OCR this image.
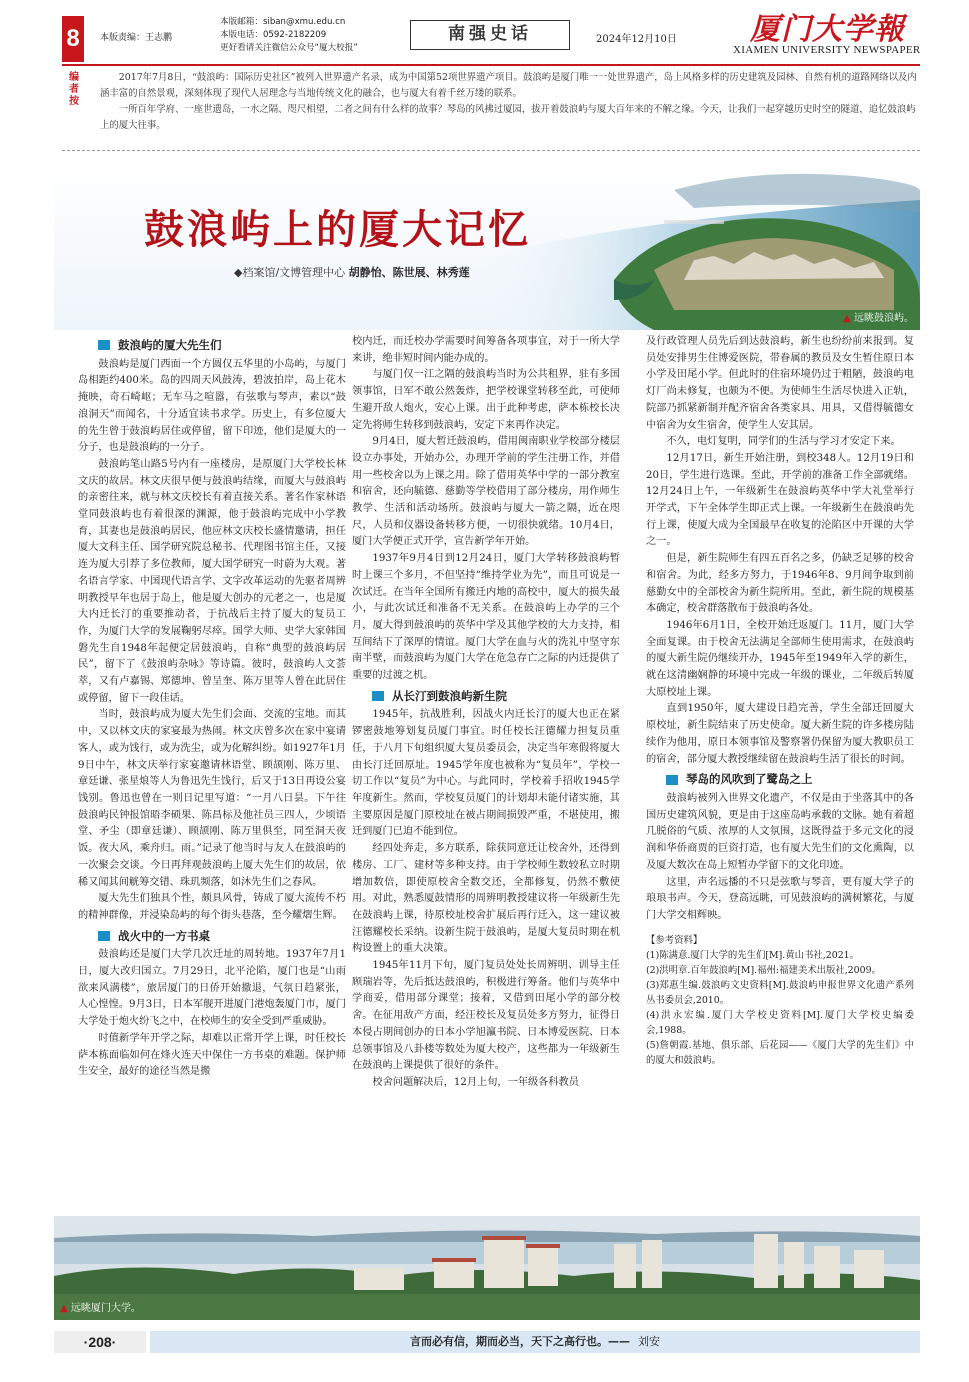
8	本版责编：王志鹏
本版邮箱：siban@xmu.edu.cn
本版电话：0592-2182209
更好看请关注微信公众号“厦大校报”
南强史话	2024年12月10日 厦门大学報
XIAMEN UNIVERSITY NEWSPAPER
编者按

2017年7月8日，“鼓浪屿：国际历史社区”被列入世界遗产名录，成为中国第52项世界遗产项目。鼓浪屿是厦门唯一一处世界遗产，岛上风格多样的历史建筑及园林、自然有机的道路网络以及内涵丰富的自然景观，深刻体现了现代人居理念与当地传统文化的融合，也与厦大有着千丝万缕的联系。

一所百年学府、一座世遗岛，一水之隔、咫尺相望，二者之间有什么样的故事？琴岛的风拂过厦园，拔开着鼓浪屿与厦大百年来的不解之缘。今天，让我们一起穿越历史时空的隧道，追忆鼓浪屿上的厦大往事。

鼓浪屿上的厦大记忆
◆档案馆/文博管理中心 胡静怡、陈世展、林秀莲
▲ 远眺鼓浪屿。
鼓浪屿的厦大先生们

鼓浪屿是厦门西面一个方圆仅五华里的小岛屿，与厦门岛相距约400米。岛的四周天风鼓涛，碧波拍岸，岛上花木掩映，奇石崎岖；无车马之喧嚣，有弦歌与琴声，素以“鼓浪洞天”而闻名，十分适宜读书求学。历史上，有多位厦大的先生曾于鼓浪屿居住或停留，留下印迹，他们是厦大的一分子，也是鼓浪屿的一分子。

鼓浪屿笔山路5号内有一座楼房，是原厦门大学校长林文庆的故居。林文庆很早便与鼓浪屿结缘，而厦大与鼓浪屿的亲密往来，就与林文庆校长有着直接关系。著名作家林语堂同鼓浪屿也有着很深的渊源，他于鼓浪屿完成中小学教育，其妻也是鼓浪屿居民，他应林文庆校长盛情邀请，担任厦大文科主任、国学研究院总秘书、代理图书馆主任，又接连为厦大引荐了多位教师，厦大国学研究一时蔚为大观。著名语言学家、中国现代语言学、文字改革运动的先驱者周辨明教授早年也居于岛上，他是厦大创办的元老之一，也是厦大内迁长汀的重要推动者，于抗战后主持了厦大的复员工作，为厦门大学的发展鞠躬尽瘁。国学大师、史学大家韩国磐先生自1948年起便定居鼓浪屿，自称“典型的鼓浪屿居民”，留下了《鼓浪屿杂咏》等诗篇。彼时，鼓浪屿人文荟萃，又有卢嘉锡、郑德坤、曾呈奎、陈万里等人曾在此居住或停留，留下一段佳话。

当时，鼓浪屿成为厦大先生们会面、交流的宝地。而其中，又以林文庆的家宴最为热闹。林文庆曾多次在家中宴请客人，或为饯行，或为洗尘，或为化解纠纷。如1927年1月9日中午，林文庆举行家宴邀请林语堂、顾颉刚、陈万里、章廷谦、张星烺等人为鲁迅先生饯行，后又于13日再设公宴饯别。鲁迅也曾在一则日记里写道：“一月八日昙。下午往鼓浪屿民钟报馆晤李硕果、陈昌标及他社员三四人，少顷语堂、矛尘（即章廷谦）、顾颉刚、陈万里俱至，同至洞天夜饭。夜大风，乘舟归。雨。”记录了他当时与友人在鼓浪屿的一次聚会交谈。今日再拜观鼓浪屿上厦大先生们的故居，依稀又闻其间觥筹交错、珠玑频落，如沐先生们之春风。

厦大先生们独具个性，颇具风骨，铸成了厦大流传不朽的精神群像，并浸染岛屿的每个街头巷落，至今耀熠生辉。

战火中的一方书桌

鼓浪屿还是厦门大学几次迁址的周转地。1937年7月1日，厦大改归国立。7月29日，北平沦陷，厦门也是“山雨欲来风满楼”，旅居厦门的日侨开始撤退，气氛日趋紧张，人心惶惶。9月3日，日本军舰开进厦门港炮轰厦门市，厦门大学处于炮火纷飞之中，在校师生的安全受到严重威胁。

时值新学年开学之际，却难以正常开学上课，时任校长萨本栋面临如何在烽火连天中保住一方书桌的难题。保护师生安全，最好的途径当然是搬

校内迁，而迁校办学需要时间筹备各项事宜，对于一所大学来讲，绝非短时间内能办成的。

与厦门仅一江之隔的鼓浪屿当时为公共租界，驻有多国领事馆，日军不敢公然轰炸，把学校课堂转移至此，可使师生避开敌人炮火，安心上课。出于此种考虑，萨本栋校长决定先将师生转移到鼓浪屿，安定下来再作决定。

9月4日，厦大暂迁鼓浪屿，借用闽南职业学校部分楼层设立办事处，开始办公，办理开学前的学生注册工作，并借用一些校舍以为上课之用。除了借用英华中学的一部分教室和宿舍，还向毓德、慈勤等学校借用了部分楼房，用作师生教学、生活和活动场所。鼓浪屿与厦大一箭之隔，近在咫尺，人员和仪器设备转移方便，一切很快就绪。10月4日，厦门大学便正式开学，宣告新学年开始。

1937年9月4日到12月24日，厦门大学转移鼓浪屿暂时上课三个多月，不但坚持“维持学业为先”，而且可说是一次试迁。在当年全国所有搬迁内地的高校中，厦大的损失最小，与此次试迁和准备不无关系。在鼓浪屿上办学的三个月，厦大得到鼓浪屿的英华中学及其他学校的大力支持，相互间结下了深厚的情谊。厦门大学在血与火的洗礼中坚守东南半壁，而鼓浪屿为厦门大学在危急存亡之际的内迁提供了重要的过渡之机。

从长汀到鼓浪屿新生院

1945年，抗战胜利，因战火内迁长汀的厦大也正在紧锣密鼓地筹划复员厦门事宜。时任校长汪德耀力担复员重任，于八月下旬组织厦大复员委员会，决定当年寒假将厦大由长汀迁回原址。1945学年度也被称为“复员年”，学校一切工作以“复员”为中心。与此同时，学校着手招收1945学年度新生。然而，学校复员厦门的计划却未能付诸实施，其主要原因是厦门原校址在被占期间损毁严重，不堪使用，搬迁到厦门已迫不能到位。

经四处奔走，多方联系，除获同意迁让校舍外，还得到楼房、工厂、建材等多种支持。由于学校师生数较私立时期增加数倍，即使原校舍全数交还，全都修复，仍然不敷使用。对此，熟悉厦鼓情形的周辨明教授建议将一年级新生先在鼓浪屿上课，待原校址校舍扩展后再行迁入，这一建议被汪德耀校长采纳。设新生院于鼓浪屿，是厦大复员时期在机构设置上的重大决策。

1945年11月下旬，厦门复员处处长周辨明、训导主任顾瑞岩等，先后抵达鼓浪屿，积极进行筹备。他们与英华中学商妥，借用部分课堂；接着，又借到田尾小学的部分校舍。在征用敌产方面，经汪校长及复员处多方努力，征得日本侵占期间创办的日本小学旭瀛书院、日本博爱医院、日本总领事馆及八卦楼等数处为厦大校产，这些都为一年级新生在鼓浪屿上课提供了很好的条件。

校舍问题解决后，12月上旬，一年级各科教员

及行政管理人员先后到达鼓浪屿，新生也纷纷前来报到。复员处安排男生住博爱医院，带眷属的教员及女生暂住原日本小学及田尾小学。但此时的住宿环境仍过于粗陋，鼓浪屿电灯厂尚未修复，也颇为不便。为使师生生活尽快进入正轨，院部乃抓紧新制并配齐宿舍各类家具、用具，又借得毓德女中宿舍为女生宿舍，使学生人安其居。

不久，电灯复明，同学们的生活与学习才安定下来。

12月17日，新生开始注册，到校348人。12月19日和20日，学生进行选课。至此，开学前的准备工作全部就绪。12月24日上午，一年级新生在鼓浪屿英华中学大礼堂举行开学式，下午全体学生即正式上课。一年级新生在鼓浪屿先行上课，使厦大成为全国最早在收复的沦陷区中开课的大学之一。

但是，新生院师生有四五百名之多，仍缺乏足够的校舍和宿舍。为此，经多方努力，于1946年8、9月间争取到前慈勤女中的全部校舍为新生院所用。至此，新生院的规模基本确定，校舍群落散布于鼓浪屿各处。

1946年6月1日，全校开始迁返厦门。11月，厦门大学全面复课。由于校舍无法满足全部师生使用需求，在鼓浪屿的厦大新生院仍继续开办，1945年至1949年入学的新生，就在这清幽娴静的环境中完成一年级的课业，二年级后转厦大原校址上课。

直到1950年，厦大建设日趋完善，学生全部迁回厦大原校址，新生院结束了历史使命。厦大新生院的许多楼房陆续作为他用，原日本领事馆及警察署仍保留为厦大教职员工的宿舍，部分厦大教授继续留在鼓浪屿生活了很长的时间。

琴岛的风吹到了鹭岛之上

鼓浪屿被列入世界文化遗产，不仅是由于坐落其中的各国历史建筑风貌，更是由于这座岛屿承载的文脉。她有着超几脱俗的气质、浓厚的人文氛围，这既得益于多元文化的浸润和华侨商贾的巨资打造，也有厦大先生们的文化熏陶，以及厦大数次在岛上短暂办学留下的文化印迹。

这里，声名远播的不只是弦歌与琴音，更有厦大学子的琅琅书声。今天，登高远眺，可见鼓浪屿的满树繁花，与厦门大学交相辉映。

【参考资料】
(1)陈满意.厦门大学的先生们[M].黄山书社,2021。
(2)洪明章.百年鼓浪屿[M].福州:福建美术出版社,2009。
(3)郑惠生编.鼓浪屿文史资料[M].鼓浪屿申报世界文化遗产系列丛书委员会,2010。
(4)洪永宏编.厦门大学校史资料[M].厦门大学校史编委会,1988。
(5)詹朝霞.基地、俱乐部、后花园——《厦门大学的先生们》中的厦大和鼓浪屿。
▲ 远眺厦门大学。
·208·	言而必有信，期而必当，天下之高行也。—— 刘安
